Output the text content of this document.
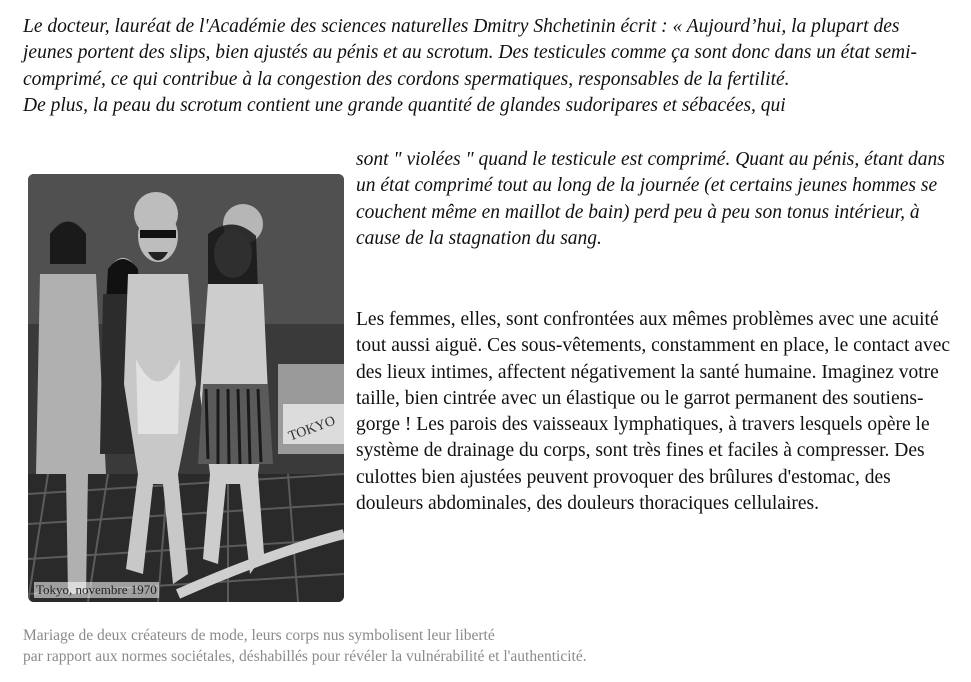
Le docteur, lauréat de l'Académie des sciences naturelles Dmitry Shchetinin écrit : « Aujourd’hui, la plupart des jeunes portent des slips, bien ajustés au pénis et au scrotum. Des testicules comme ça sont donc dans un état semi-comprimé, ce qui contribue à la congestion des cordons spermatiques, responsables de la fertilité.

De plus, la peau du scrotum contient une grande quantité de glandes sudoripares et sébacées, qui

sont " violées " quand le testicule est comprimé. Quant au pénis, étant dans un état comprimé tout au long de la journée (et certains jeunes hommes se couchent même en maillot de bain) perd peu à peu son tonus intérieur, à cause de la stagnation du sang.
Les femmes, elles, sont confrontées aux mêmes problèmes avec une acuité tout aussi aiguë. Ces sous-vêtements, constamment en place, le contact avec des lieux intimes, affectent négativement la santé humaine. Imaginez votre taille, bien cintrée avec un élastique ou le garrot permanent des soutiens-gorge ! Les parois des vaisseaux lymphatiques, à travers lesquels opère le système de drainage du corps, sont très fines et faciles à compresser. Des culottes bien ajustées peuvent provoquer des brûlures d'estomac, des douleurs abdominales, des douleurs thoraciques cellulaires.
TOKYO
Tokyo, novembre 1970

Mariage de deux créateurs de mode, leurs corps nus symbolisent leur liberté

par rapport aux normes sociétales, déshabillés pour révéler la vulnérabilité et l'authenticité.
